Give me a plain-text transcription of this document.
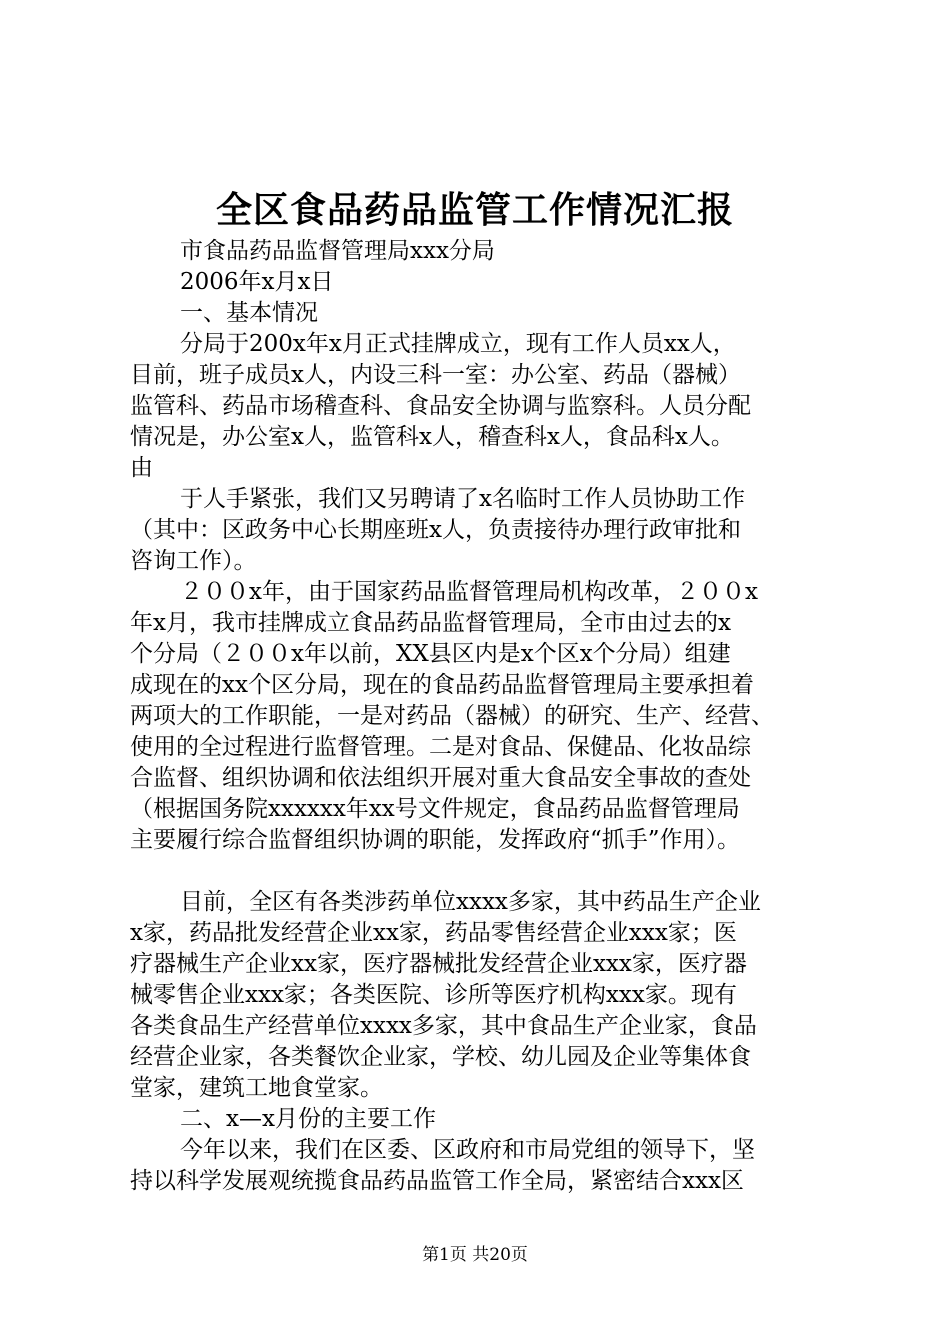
全区食品药品监管工作情况汇报
市食品药品监督管理局xxx分局
2006年x月x日
一、基本情况
分局于200x年x月正式挂牌成立，现有工作人员xx人，
目前，班子成员x人，内设三科一室：办公室、药品（器械）
监管科、药品市场稽查科、食品安全协调与监察科。人员分配
情况是，办公室x人，监管科x人，稽查科x人，食品科x人。
由
于人手紧张，我们又另聘请了x名临时工作人员协助工作
（其中：区政务中心长期座班x人，负责接待办理行政审批和
咨询工作）。
２００x年，由于国家药品监督管理局机构改革，２００x
年x月，我市挂牌成立食品药品监督管理局，全市由过去的x
个分局（２００x年以前，XX县区内是x个区x个分局）组建
成现在的xx个区分局，现在的食品药品监督管理局主要承担着
两项大的工作职能，一是对药品（器械）的研究、生产、经营、
使用的全过程进行监督管理。二是对食品、保健品、化妆品综
合监督、组织协调和依法组织开展对重大食品安全事故的查处
（根据国务院xxxxxx年xx号文件规定，食品药品监督管理局
主要履行综合监督组织协调的职能，发挥政府“抓手”作用）。
目前，全区有各类涉药单位xxxx多家，其中药品生产企业
x家，药品批发经营企业xx家，药品零售经营企业xxx家；医
疗器械生产企业xx家，医疗器械批发经营企业xxx家，医疗器
械零售企业xxx家；各类医院、诊所等医疗机构xxx家。现有
各类食品生产经营单位xxxx多家，其中食品生产企业家，食品
经营企业家，各类餐饮企业家，学校、幼儿园及企业等集体食
堂家，建筑工地食堂家。
二、x—x月份的主要工作
今年以来，我们在区委、区政府和市局党组的领导下，坚
持以科学发展观统揽食品药品监管工作全局，紧密结合xxx区
第1页 共20页
